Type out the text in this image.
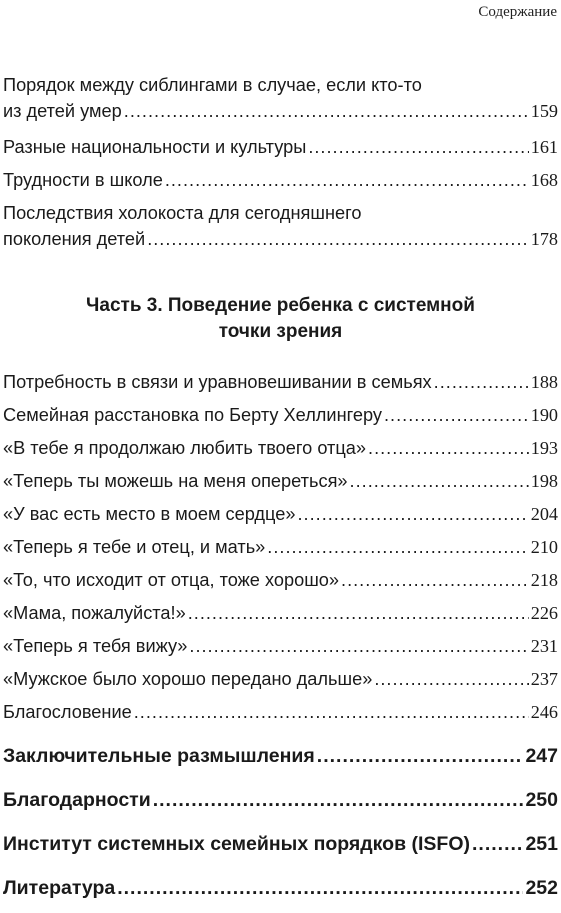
Содержание
Порядок между сиблингами в случае, если кто-то
из детей умер .....	159
Разные национальности и культуры .....	161
Трудности в школе .....	168
Последствия холокоста для сегодняшнего
поколения детей .....	178
Часть 3. Поведение ребенка с системной
точки зрения
Потребность в связи и уравновешивании в семьях .....	188
Семейная расстановка по Берту Хеллингеру .....	190
«В тебе я продолжаю любить твоего отца» .....	193
«Теперь ты можешь на меня опереться» .....	198
«У вас есть место в моем сердце» .....	204
«Теперь я тебе и отец, и мать» .....	210
«То, что исходит от отца, тоже хорошо» .....	218
«Мама, пожалуйста!» .....	226
«Теперь я тебя вижу» .....	231
«Мужское было хорошо передано дальше» .....	237
Благословение .....	246
Заключительные размышления .....	247
Благодарности .....	250
Институт системных семейных порядков (ISFO) .....	251
Литература .....	252
